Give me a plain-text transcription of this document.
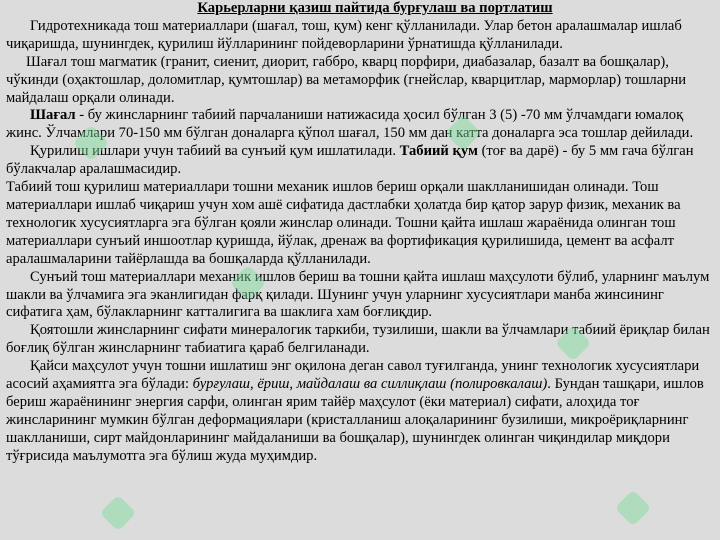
Карьерларни қазиш пайтида бурғулаш ва портлатиш

Гидротехникада тош материаллари (шағал, тош, қум) кенг қўлланилади. Улар бетон аралашмалар ишлаб чиқаришда, шунингдек, қурилиш йўлларининг пойдеворларини ўрнатишда қўлланилади.

Шағал тош магматик (гранит, сиенит, диорит, габбро, кварц порфири, диабазалар, базалт ва бошқалар), чўкинди (оҳактошлар, доломитлар, қумтошлар) ва метаморфик (гнейслар, кварцитлар, марморлар) тошларни майдалаш орқали олинади.

Шағал - бу жинсларнинг табиий парчаланиши натижасида ҳосил бўлган 3 (5) -70 мм ўлчамдаги юмалоқ жинс. Ўлчамлари 70-150 мм бўлган доналарга қўпол шағал, 150 мм дан катта доналарга эса тошлар дейилади.

Қурилиш ишлари учун табиий ва сунъий қум ишлатилади. Табиий қум (тоғ ва дарё) - бу 5 мм гача бўлган бўлакчалар аралашмасидир.

Табиий тош қурилиш материаллари тошни механик ишлов бериш орқали шаклланишидан олинади. Тош материаллари ишлаб чиқариш учун хом ашё сифатида дастлабки ҳолатда бир қатор зарур физик, механик ва технологик хусусиятларга эга бўлган қояли жинслар олинади. Тошни қайта ишлаш жараёнида олинган тош материаллари сунъий иншоотлар қуришда, йўлак, дренаж ва фортификация қурилишида, цемент ва асфалт аралашмаларини тайёрлашда ва бошқаларда қўлланилади.

Сунъий тош материаллари механик ишлов бериш ва тошни қайта ишлаш маҳсулоти бўлиб, уларнинг маълум шакли ва ўлчамига эга эканлигидан фарқ қилади. Шунинг учун уларнинг хусусиятлари манба жинсининг сифатига ҳам, бўлакларнинг катталигига ва шаклига хам боғлиқдир.

Қоятошли жинсларнинг сифати минералогик таркиби, тузилиши, шакли ва ўлчамлари табиий ёриқлар билан боғлиқ бўлган жинсларнинг табиатига қараб белгиланади.

Қайси маҳсулот учун тошни ишлатиш энг оқилона деган савол туғилганда, унинг технологик хусусиятлари асосий аҳамиятга эга бўлади: бурғулаш, ёриш, майдалаш ва силлиқлаш (полировкалаш). Бундан ташқари, ишлов бериш жараёнининг энергия сарфи, олинган ярим тайёр маҳсулот (ёки материал) сифати, алоҳида тоғ жинсларининг мумкин бўлган деформациялари (кристалланиш алоқаларининг бузилиши, микроёриқларнинг шаклланиши, сирт майдонларининг майдаланиши ва бошқалар), шунингдек олинган чиқиндилар миқдори тўғрисида маълумотга эга бўлиш жуда муҳимдир.
